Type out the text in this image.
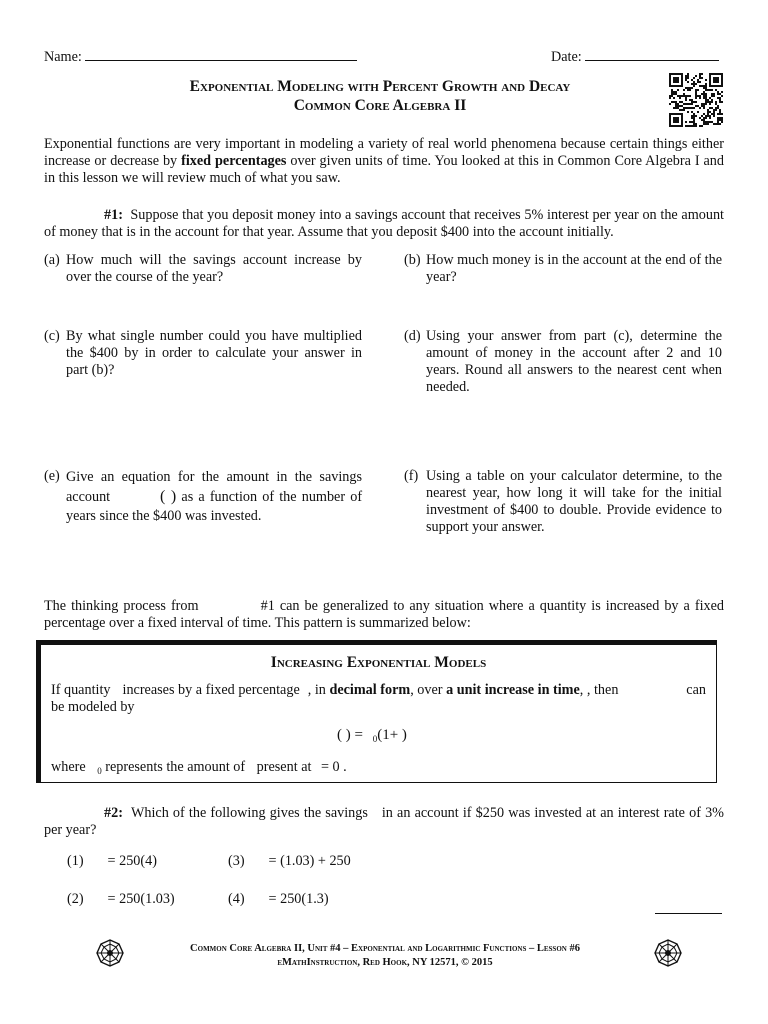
Name:	Date:
Exponential Modeling with Percent Growth and Decay
Common Core Algebra II
Exponential functions are very important in modeling a variety of real world phenomena because certain things either increase or decrease by fixed percentages over given units of time. You looked at this in Common Core Algebra I and in this lesson we will review much of what you saw.
#1: Suppose that you deposit money into a savings account that receives 5% interest per year on the amount of money that is in the account for that year. Assume that you deposit $400 into the account initially.
(a) How much will the savings account increase by over the course of the year?
(b) How much money is in the account at the end of the year?
(c) By what single number could you have multiplied the $400 by in order to calculate your answer in part (b)?
(d) Using your answer from part (c), determine the amount of money in the account after 2 and 10 years. Round all answers to the nearest cent when needed.
(e) Give an equation for the amount in the savings account	( ) as a function of the number of years since the $400 was invested.
(f) Using a table on your calculator determine, to the nearest year, how long it will take for the initial investment of $400 to double. Provide evidence to support your answer.
The thinking process from	#1 can be generalized to any situation where a quantity is increased by a fixed percentage over a fixed interval of time. This pattern is summarized below:
Increasing Exponential Models
If quantity increases by a fixed percentage , in decimal form, over a unit increase in time, , then	can
be modeled by
( ) = $_0$(1+ )
where $_0$ represents the amount of present at = 0 .
#2: Which of the following gives the savings in an account if $250 was invested at an interest rate of 3% per year?
(1) = 250(4)	(3) = (1.03) + 250
(2) = 250(1.03)	(4) = 250(1.3)
Common Core Algebra II, Unit #4 – Exponential and Logarithmic Functions – Lesson #6
eMathInstruction, Red Hook, NY 12571, © 2015
